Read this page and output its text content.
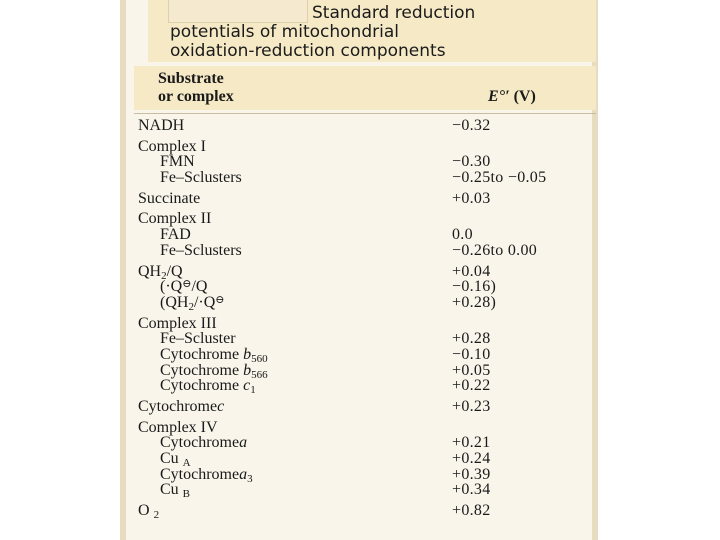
Standard reduction
potentials of mitochondrial
oxidation-reduction components
Substrate
or complex	E°′ (V)
NADH	−0.32
Complex I
FMN	−0.30
Fe–Sclusters	−0.25to −0.05
Succinate	+0.03
Complex II
FAD	0.0
Fe–Sclusters	−0.26to 0.00
$QH_2/Q$	+0.04
(·Q⊖/Q	−0.16)
($QH_2/\cdot Q^⊖$	+0.28)
Complex III
Fe–Scluster	+0.28
Cytochrome $b_{560}$	−0.10
Cytochrome $b_{566}$	+0.05
Cytochrome $c_1$	+0.22
Cytochromec	+0.23
Complex IV
Cytochromea	+0.21
Cu $_A$	+0.24
Cytochromea$_3$	+0.39
Cu $_B$	+0.34
O $_2$	+0.82
